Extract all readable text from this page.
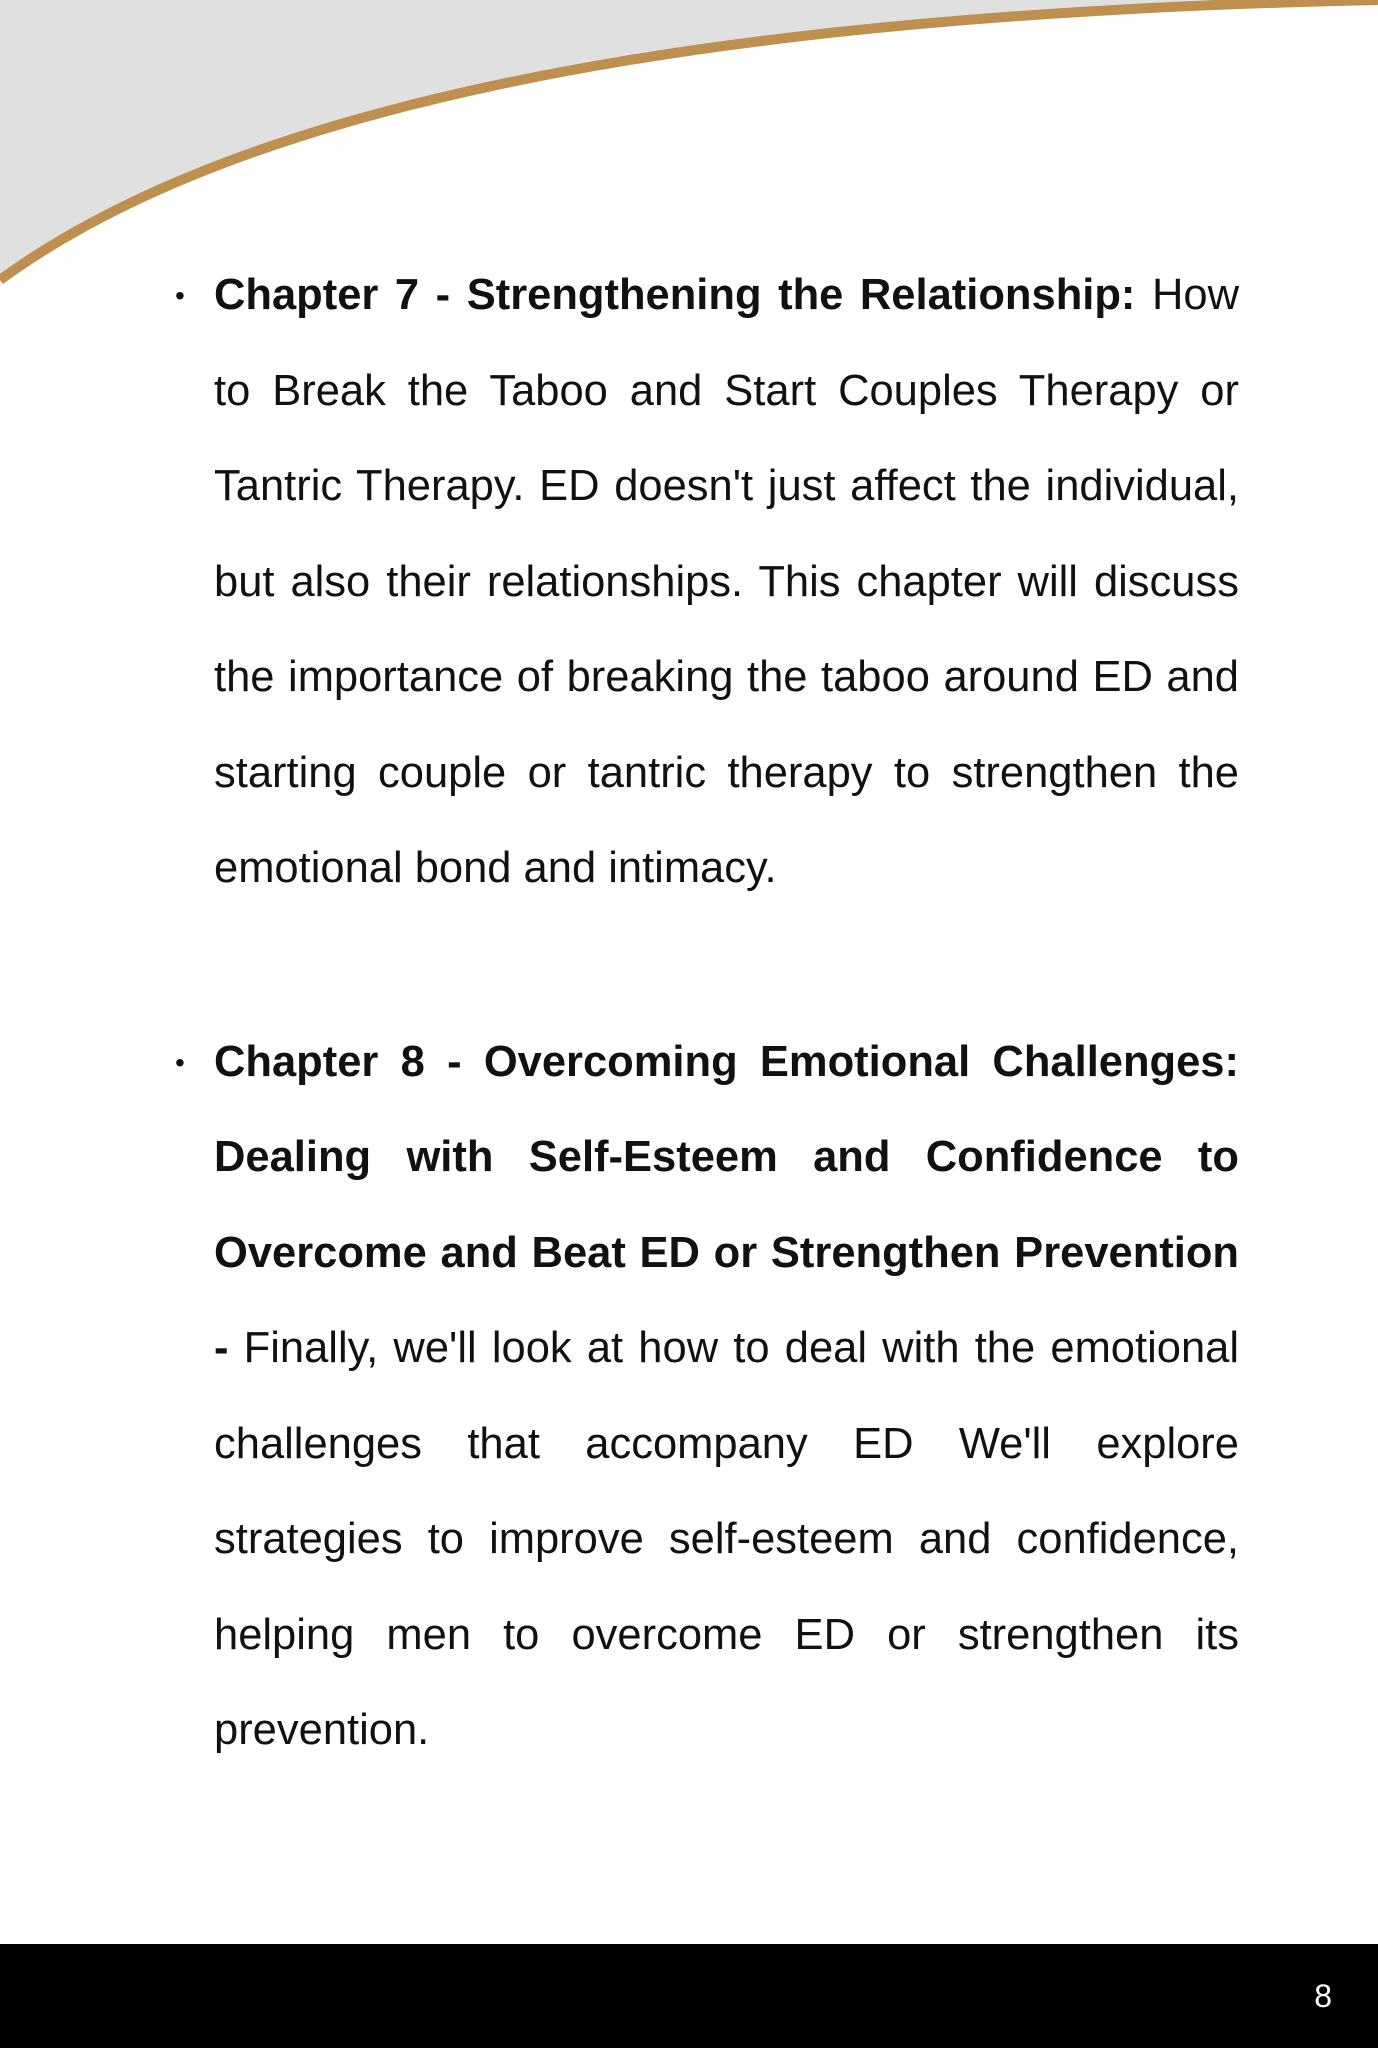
• Chapter 7 - Strengthening the Relationship: How to Break the Taboo and Start Couples Therapy or Tantric Therapy. ED doesn't just affect the individual, but also their relationships. This chapter will discuss the importance of breaking the taboo around ED and starting couple or tantric therapy to strengthen the emotional bond and intimacy.
• Chapter 8 - Overcoming Emotional Challenges: Dealing with Self-Esteem and Confidence to Overcome and Beat ED or Strengthen Prevention - Finally, we'll look at how to deal with the emotional challenges that accompany ED We'll explore strategies to improve self-esteem and confidence, helping men to overcome ED or strengthen its prevention.
8
